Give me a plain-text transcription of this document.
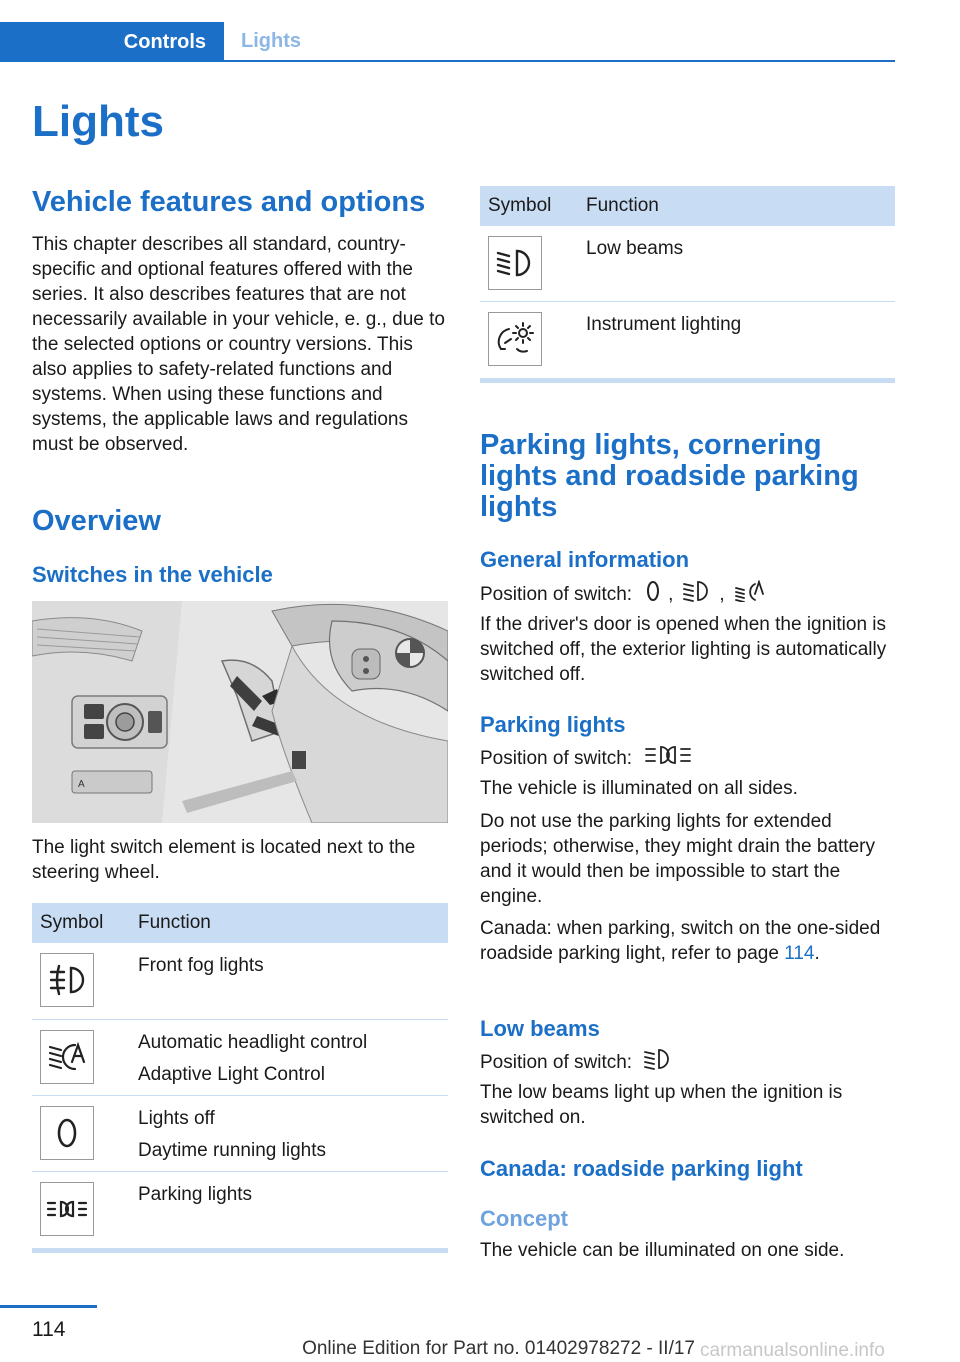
Controls Lights
Lights
Vehicle features and options
This chapter describes all standard, country-specific and optional features offered with the series. It also describes features that are not necessarily available in your vehicle, e. g., due to the selected options or country versions. This also applies to safety-related functions and systems. When using these functions and systems, the applicable laws and regulations must be observed.
Overview
Switches in the vehicle
A
The light switch element is located next to the steering wheel.
Symbol	Function
Front fog lights
Automatic headlight control
Adaptive Light Control
Lights off
Daytime running lights
Parking lights
Symbol	Function
Low beams
Instrument lighting
Parking lights, cornering lights and roadside parking lights
General information
Position of switch: , ,
If the driver's door is opened when the ignition is switched off, the exterior lighting is automatically switched off.
Parking lights
Position of switch:
The vehicle is illuminated on all sides.
Do not use the parking lights for extended periods; otherwise, they might drain the battery and it would then be impossible to start the engine.
Canada: when parking, switch on the one-sided roadside parking light, refer to page 114.
Low beams
Position of switch:
The low beams light up when the ignition is switched on.
Canada: roadside parking light
Concept
The vehicle can be illuminated on one side.
114
Online Edition for Part no. 01402978272 - II/17 carmanualsonline.info
